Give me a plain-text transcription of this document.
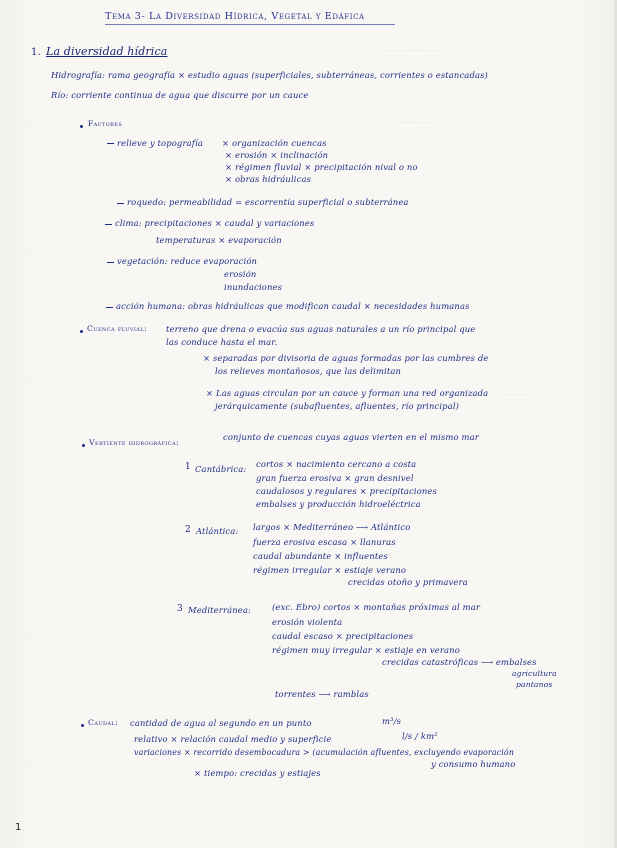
— — — — — — —
— — — —
— — —
Tema 3- La Diversidad Hídrica, Vegetal y Edáfica
1. La diversidad hídrica
Hidrografía: rama geografía × estudio aguas (superficiales, subterráneas, corrientes o estancadas)
Río: corriente continua de agua que discurre por un cauce
Factores
relieve y topografía × organización cuencas
× erosión × inclinación
× régimen fluvial × precipitación nival o no
× obras hidráulicas
roquedo: permeabilidad = escorrentía superficial o subterránea
clima: precipitaciones × caudal y variaciones
temperaturas × evaporación
vegetación: reduce evaporación
erosión
inundaciones
acción humana: obras hidráulicas que modifican caudal × necesidades humanas
Cuenca fluvial: terreno que drena o evacúa sus aguas naturales a un río principal que
las conduce hasta el mar.
× separadas por divisoria de aguas formadas por las cumbres de
los relieves montañosos, que las delimitan
× Las aguas circulan por un cauce y forman una red organizada
jerárquicamente (subafluentes, afluentes, río principal)
Vertiente hidrográfica:
conjunto de cuencas cuyas aguas vierten en el mismo mar
1 Cantábrica: cortos × nacimiento cercano a costa
gran fuerza erosiva × gran desnivel
caudalosos y regulares × precipitaciones
embalses y producción hidroeléctrica
2 Atlántica: largos × Mediterráneo ⟶ Atlántico
fuerza erosiva escasa × llanuras
caudal abundante × influentes
régimen irregular × estiaje verano
crecidas otoño y primavera
3 Mediterránea: (exc. Ebro) cortos × montañas próximas al mar
erosión violenta
caudal escaso × precipitaciones
régimen muy irregular × estiaje en verano
crecidas catastróficas ⟶ embalses
agricultura
pantanos
torrentes ⟶ ramblas
Caudal: cantidad de agua al segundo en un punto	m³/s
relativo × relación caudal medio y superficie	l/s / km²
variaciones × recorrido desembocadura > (acumulación afluentes, excluyendo evaporación
y consumo humano
× tiempo: crecidas y estiajes
1
